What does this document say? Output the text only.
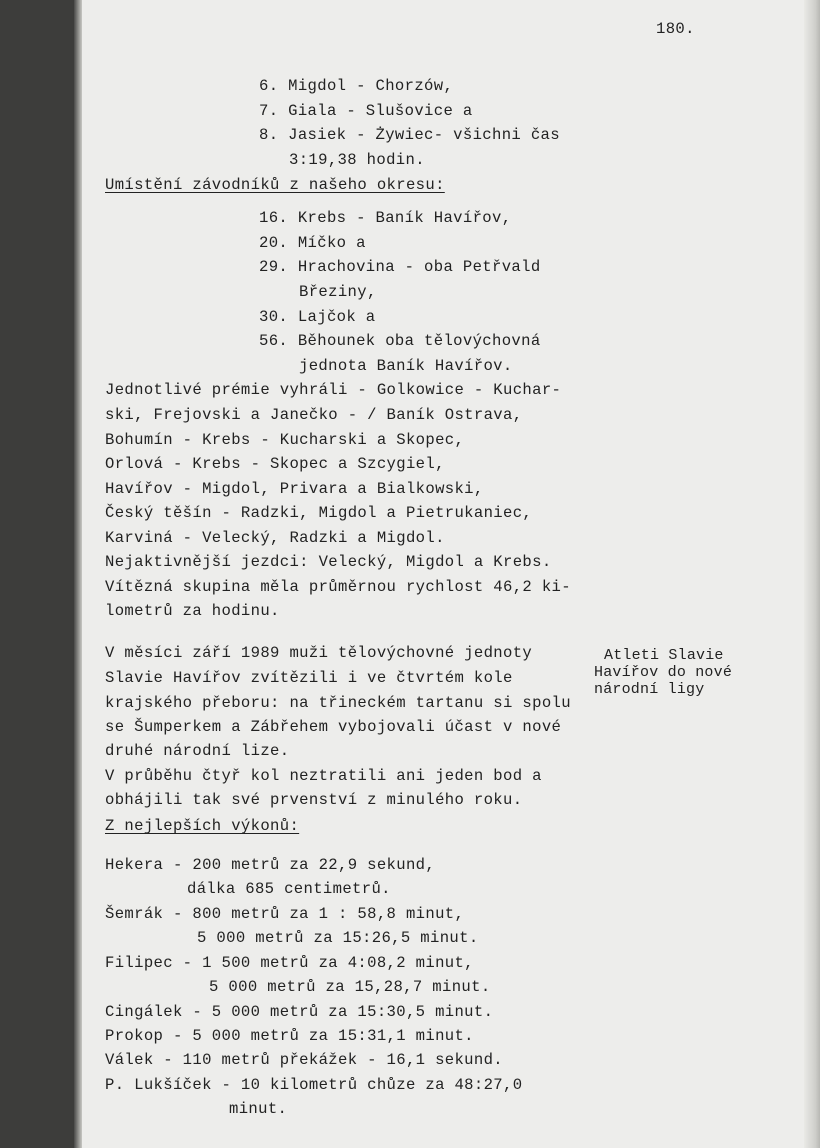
180.
6. Migdol - Chorzów,
7. Giala - Slušovice a
8. Jasiek - Żywiec- všichni čas
3:19,38 hodin.
Umístění závodníků z našeho okresu:
16. Krebs - Baník Havířov,
20. Míčko a
29. Hrachovina - oba Petřvald
Březiny,
30. Lajčok a
56. Běhounek oba tělovýchovná
jednota Baník Havířov.
Jednotlivé prémie vyhráli - Golkowice - Kuchar-
ski, Frejovski a Janečko - / Baník Ostrava,
Bohumín - Krebs - Kucharski a Skopec,
Orlová - Krebs - Skopec a Szcygiel,
Havířov - Migdol, Privara a Bialkowski,
Český těšín - Radzki, Migdol a Pietrukaniec,
Karviná - Velecký, Radzki a Migdol.
Nejaktivnější jezdci: Velecký, Migdol a Krebs.
Vítězná skupina měla průměrnou rychlost 46,2 ki-
lometrů za hodinu.
V měsíci září 1989 muži tělovýchovné jednoty
Slavie Havířov zvítězili i ve čtvrtém kole
krajského přeboru: na třineckém tartanu si spolu
se Šumperkem a Zábřehem vybojovali účast v nové
druhé národní lize.
V průběhu čtyř kol neztratili ani jeden bod a
obhájili tak své prvenství z minulého roku.
Atleti Slavie
Havířov do nové
národní ligy
Z nejlepších výkonů:
Hekera - 200 metrů za 22,9 sekund,
dálka 685 centimetrů.
Šemrák - 800 metrů za 1 : 58,8 minut,
5 000 metrů za 15:26,5 minut.
Filipec - 1 500 metrů za 4:08,2 minut,
5 000 metrů za 15,28,7 minut.
Cingálek - 5 000 metrů za 15:30,5 minut.
Prokop - 5 000 metrů za 15:31,1 minut.
Válek - 110 metrů překážek - 16,1 sekund.
P. Lukšíček - 10 kilometrů chůze za 48:27,0
minut.
